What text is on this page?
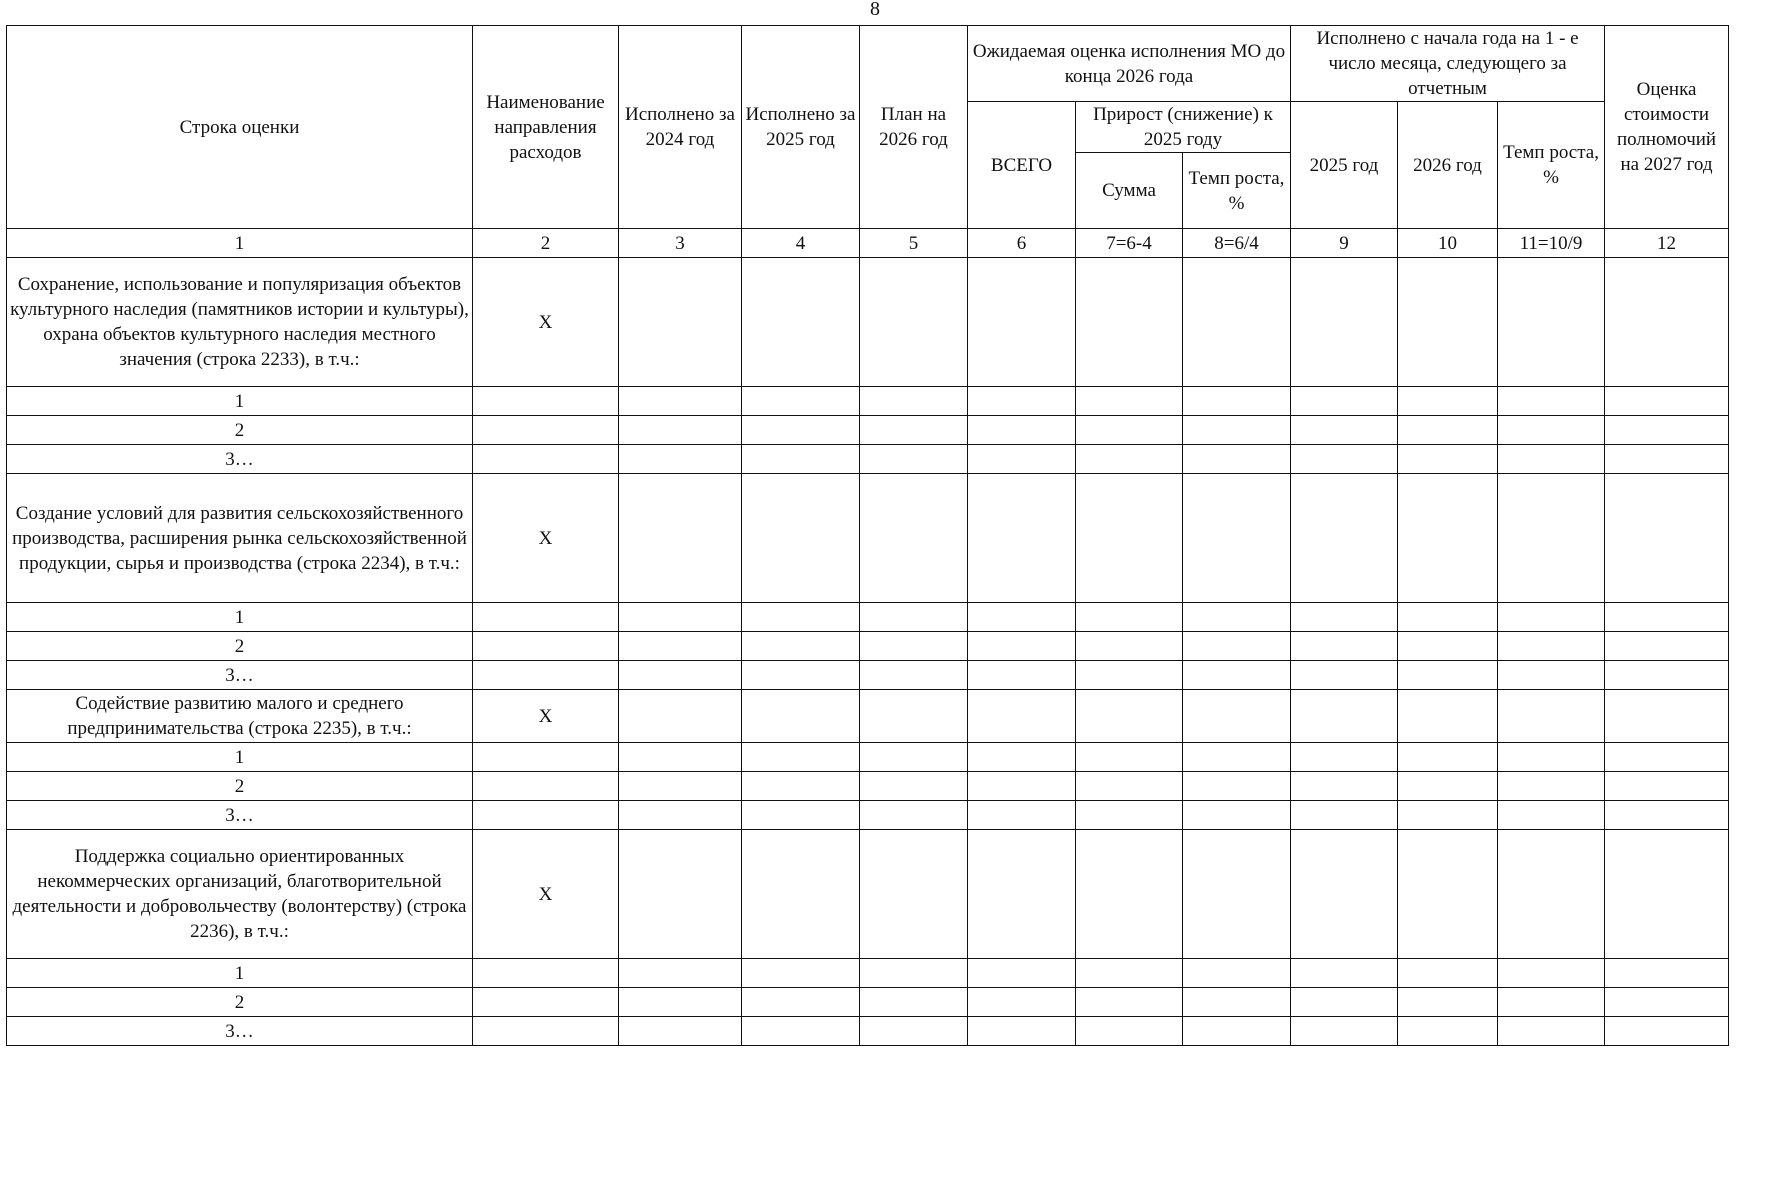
8
Строка оценки	Наименование направления расходов	Исполнено за 2024 год	Исполнено за 2025 год	План на 2026 год	Ожидаемая оценка исполнения МО до конца 2026 года			Исполнено с начала года на 1 - е число месяца, следующего за отчетным			Оценка стоимости полномочий на 2027 год
					ВСЕГО	Прирост (снижение) к 2025 году		2025 год	2026 год	Темп роста, %	
						Сумма	Темп роста, %				
1	2	3	4	5	6	7=6-4	8=6/4	9	10	11=10/9	12
Сохранение, использование и популяризация объектов культурного наследия (памятников истории и культуры), охрана объектов культурного наследия местного значения (строка 2233), в т.ч.:	Х										
1											
2											
3…											
Создание условий для развития сельскохозяйственного производства, расширения рынка сельскохозяйственной продукции, сырья и производства (строка 2234), в т.ч.:	Х										
1											
2											
3…											
Содействие развитию малого и среднего предпринимательства (строка 2235), в т.ч.:	Х										
1											
2											
3…											
Поддержка социально ориентированных некоммерческих организаций, благотворительной деятельности и добровольчеству (волонтерству) (строка 2236), в т.ч.:	Х										
1											
2											
3…											
